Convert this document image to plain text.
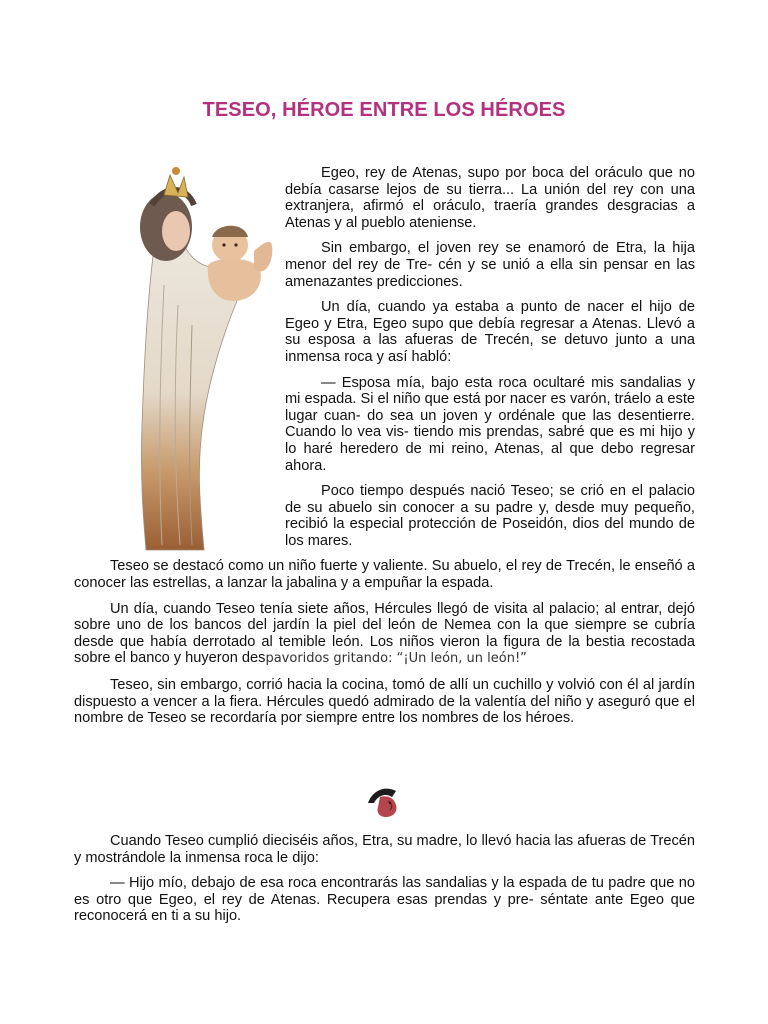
TESEO, HÉROE ENTRE LOS HÉROES

Egeo, rey de Atenas, supo por boca del oráculo que no debía casarse lejos de su tierra... La unión del rey con una extranjera, afirmó el oráculo, traería grandes desgracias a Atenas y al pueblo ateniense.

Sin embargo, el joven rey se enamoró de Etra, la hija menor del rey de Tre- cén y se unió a ella sin pensar en las amenazantes predicciones.

Un día, cuando ya estaba a punto de nacer el hijo de Egeo y Etra, Egeo supo que debía regresar a Atenas. Llevó a su esposa a las afueras de Trecén, se detuvo junto a una inmensa roca y así habló:

— Esposa mía, bajo esta roca ocultaré mis sandalias y mi espada. Si el niño que está por nacer es varón, tráelo a este lugar cuan- do sea un joven y ordénale que las desentierre. Cuando lo vea vis- tiendo mis prendas, sabré que es mi hijo y lo haré heredero de mi reino, Atenas, al que debo regresar ahora.

Poco tiempo después nació Teseo; se crió en el palacio de su abuelo sin conocer a su padre y, desde muy pequeño, recibió la especial protección de Poseidón, dios del mundo de los mares.

Teseo se destacó como un niño fuerte y valiente. Su abuelo, el rey de Trecén, le enseñó a conocer las estrellas, a lanzar la jabalina y a empuñar la espada.

Un día, cuando Teseo tenía siete años, Hércules llegó de visita al palacio; al entrar, dejó sobre uno de los bancos del jardín la piel del león de Nemea con la que siempre se cubría desde que había derrotado al temible león. Los niños vieron la figura de la bestia recostada sobre el banco y huyeron despavoridos gritando: “¡Un león, un león!”

Teseo, sin embargo, corrió hacia la cocina, tomó de allí un cuchillo y volvió con él al jardín dispuesto a vencer a la fiera. Hércules quedó admirado de la valentía del niño y aseguró que el nombre de Teseo se recordaría por siempre entre los nombres de los héroes.

Cuando Teseo cumplió dieciséis años, Etra, su madre, lo llevó hacia las afueras de Trecén y mostrándole la inmensa roca le dijo:

— Hijo mío, debajo de esa roca encontrarás las sandalias y la espada de tu padre que no es otro que Egeo, el rey de Atenas. Recupera esas prendas y pre- séntate ante Egeo que reconocerá en ti a su hijo.
